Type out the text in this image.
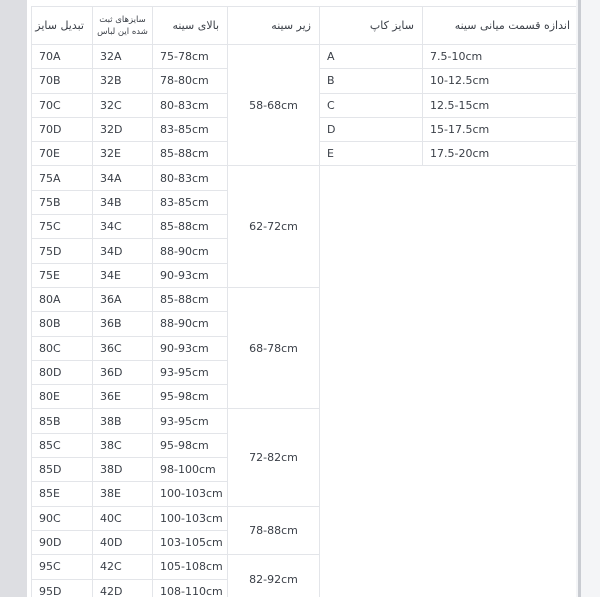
تبدیل سایز	سایزهای ثبت شده این لباس	بالای سینه	زیر سینه	سایز کاپ	اندازه قسمت میانی سینه
70A	32A	75-78cm	58-68cm	A	7.5-10cm
70B	32B	78-80cm		B	10-12.5cm
70C	32C	80-83cm		C	12.5-15cm
70D	32D	83-85cm		D	15-17.5cm
70E	32E	85-88cm		E	17.5-20cm
75A	34A	80-83cm	62-72cm		
75B	34B	83-85cm			
75C	34C	85-88cm			
75D	34D	88-90cm			
75E	34E	90-93cm			
80A	36A	85-88cm	68-78cm		
80B	36B	88-90cm			
80C	36C	90-93cm			
80D	36D	93-95cm			
80E	36E	95-98cm			
85B	38B	93-95cm	72-82cm		
85C	38C	95-98cm			
85D	38D	98-100cm			
85E	38E	100-103cm			
90C	40C	100-103cm	78-88cm		
90D	40D	103-105cm			
95C	42C	105-108cm	82-92cm		
95D	42D	108-110cm			
